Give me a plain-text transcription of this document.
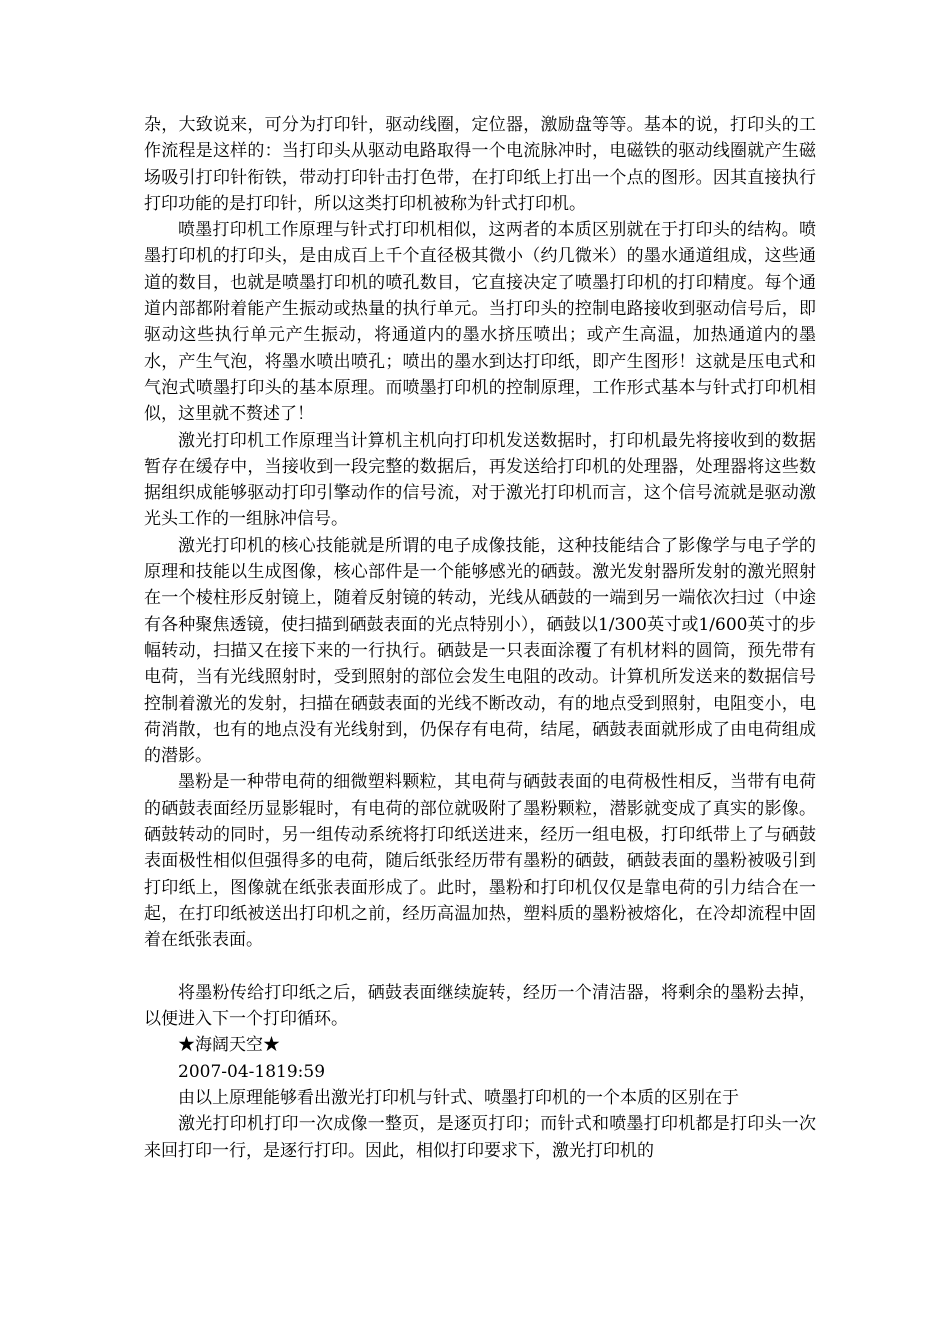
杂，大致说来，可分为打印针，驱动线圈，定位器，激励盘等等。基本的说，打印头的工作流程是这样的：当打印头从驱动电路取得一个电流脉冲时，电磁铁的驱动线圈就产生磁场吸引打印针衔铁，带动打印针击打色带，在打印纸上打出一个点的图形。因其直接执行打印功能的是打印针，所以这类打印机被称为针式打印机。

喷墨打印机工作原理与针式打印机相似，这两者的本质区别就在于打印头的结构。喷墨打印机的打印头，是由成百上千个直径极其微小（约几微米）的墨水通道组成，这些通道的数目，也就是喷墨打印机的喷孔数目，它直接决定了喷墨打印机的打印精度。每个通道内部都附着能产生振动或热量的执行单元。当打印头的控制电路接收到驱动信号后，即驱动这些执行单元产生振动，将通道内的墨水挤压喷出；或产生高温，加热通道内的墨水，产生气泡，将墨水喷出喷孔；喷出的墨水到达打印纸，即产生图形！这就是压电式和气泡式喷墨打印头的基本原理。而喷墨打印机的控制原理，工作形式基本与针式打印机相似，这里就不赘述了！

激光打印机工作原理当计算机主机向打印机发送数据时，打印机最先将接收到的数据暂存在缓存中，当接收到一段完整的数据后，再发送给打印机的处理器，处理器将这些数据组织成能够驱动打印引擎动作的信号流，对于激光打印机而言，这个信号流就是驱动激光头工作的一组脉冲信号。

激光打印机的核心技能就是所谓的电子成像技能，这种技能结合了影像学与电子学的原理和技能以生成图像，核心部件是一个能够感光的硒鼓。激光发射器所发射的激光照射在一个棱柱形反射镜上，随着反射镜的转动，光线从硒鼓的一端到另一端依次扫过（中途有各种聚焦透镜，使扫描到硒鼓表面的光点特别小），硒鼓以1/300英寸或1/600英寸的步幅转动，扫描又在接下来的一行执行。硒鼓是一只表面涂覆了有机材料的圆筒，预先带有电荷，当有光线照射时，受到照射的部位会发生电阻的改动。计算机所发送来的数据信号控制着激光的发射，扫描在硒鼓表面的光线不断改动，有的地点受到照射，电阻变小，电荷消散，也有的地点没有光线射到，仍保存有电荷，结尾，硒鼓表面就形成了由电荷组成的潜影。

墨粉是一种带电荷的细微塑料颗粒，其电荷与硒鼓表面的电荷极性相反，当带有电荷的硒鼓表面经历显影辊时，有电荷的部位就吸附了墨粉颗粒，潜影就变成了真实的影像。硒鼓转动的同时，另一组传动系统将打印纸送进来，经历一组电极，打印纸带上了与硒鼓表面极性相似但强得多的电荷，随后纸张经历带有墨粉的硒鼓，硒鼓表面的墨粉被吸引到打印纸上，图像就在纸张表面形成了。此时，墨粉和打印机仅仅是靠电荷的引力结合在一起，在打印纸被送出打印机之前，经历高温加热，塑料质的墨粉被熔化，在冷却流程中固着在纸张表面。

将墨粉传给打印纸之后，硒鼓表面继续旋转，经历一个清洁器，将剩余的墨粉去掉，以便进入下一个打印循环。

★海阔天空★

2007-04-1819:59

由以上原理能够看出激光打印机与针式、喷墨打印机的一个本质的区别在于

激光打印机打印一次成像一整页，是逐页打印；而针式和喷墨打印机都是打印头一次来回打印一行，是逐行打印。因此，相似打印要求下，激光打印机的
